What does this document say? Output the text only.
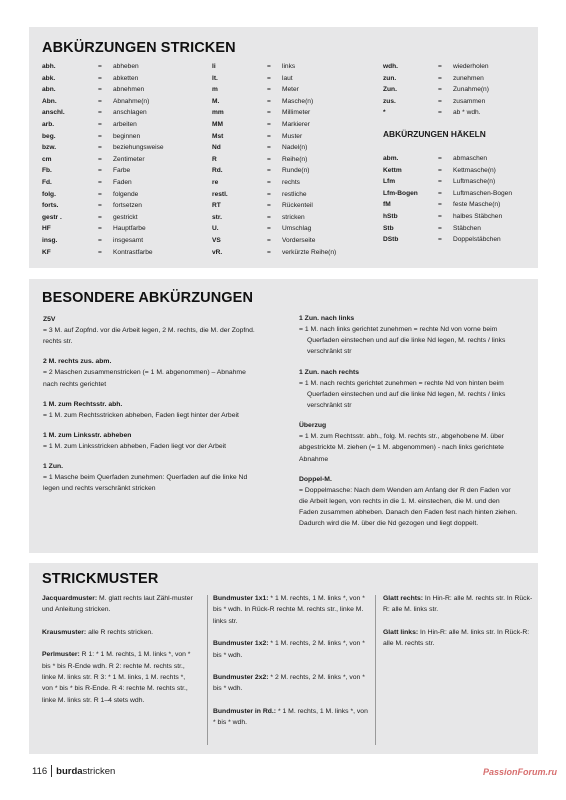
ABKÜRZUNGEN STRICKEN
abh.	=	abheben
abk.	=	abketten
abn.	=	abnehmen
Abn.	=	Abnahme(n)
anschl.	=	anschlagen
arb.	=	arbeiten
beg.	=	beginnen
bzw.	=	beziehungsweise
cm	=	Zentimeter
Fb.	=	Farbe
Fd.	=	Faden
folg.	=	folgende
forts.	=	fortsetzen
gestr .	=	gestrickt
HF	=	Hauptfarbe
insg.	=	insgesamt
KF	=	Kontrastfarbe
li	=	links
lt.	=	laut
m	=	Meter
M.	=	Masche(n)
mm	=	Millimeter
MM	=	Markierer
Mst	=	Muster
Nd	=	Nadel(n)
R	=	Reihe(n)
Rd.	=	Runde(n)
re	=	rechts
restl.	=	restliche
RT	=	Rückenteil
str.	=	stricken
U.	=	Umschlag
VS	=	Vorderseite
vR.	=	verkürzte Reihe(n)
wdh.	=	wiederholen
zun.	=	zunehmen
Zun.	=	Zunahme(n)
zus.	=	zusammen
*	=	ab * wdh.
ABKÜRZUNGEN HÄKELN
abm.	=	abmaschen
Kettm	=	Kettmasche(n)
Lfm	=	Luftmasche(n)
Lfm-Bogen	=	Luftmaschen-Bogen
fM	=	feste Masche(n)
hStb	=	halbes Stäbchen
Stb	=	Stäbchen
DStb	=	Doppelstäbchen
BESONDERE ABKÜRZUNGEN
Z5V
= 3 M. auf Zopfnd. vor die Arbeit legen, 2 M. rechts, die M. der Zopfnd.
rechts str.
2 M. rechts zus. abm.
= 2 Maschen zusammenstricken (= 1 M. abgenommen) – Abnahme
nach rechts gerichtet
1 M. zum Rechtsstr. abh.
= 1 M. zum Rechtsstricken abheben, Faden liegt hinter der Arbeit
1 M. zum Linksstr. abheben
= 1 M. zum Linksstricken abheben, Faden liegt vor der Arbeit
1 Zun.
= 1 Masche beim Querfaden zunehmen: Querfaden auf die linke Nd
legen und rechts verschränkt stricken
1 Zun. nach links
= 1 M. nach links gerichtet zunehmen = rechte Nd von vorne beim
Querfaden einstechen und auf die linke Nd legen, M. rechts / links
verschränkt str
1 Zun. nach rechts
= 1 M. nach rechts gerichtet zunehmen = rechte Nd von hinten beim
Querfaden einstechen und auf die linke Nd legen, M. rechts / links
verschränkt str
Überzug
= 1 M. zum Rechtsstr. abh., folg. M. rechts str., abgehobene M. über
abgestrickte M. ziehen (= 1 M. abgenommen) - nach links gerichtete
Abnahme
Doppel-M.
= Doppelmasche: Nach dem Wenden am Anfang der R den Faden vor
die Arbeit legen, von rechts in die 1. M. einstechen, die M. und den
Faden zusammen abheben. Danach den Faden fest nach hinten ziehen.
Dadurch wird die M. über die Nd gezogen und liegt doppelt.
STRICKMUSTER
Jacquardmuster: M. glatt rechts laut Zähl-muster und Anleitung stricken.
Krausmuster: alle R rechts stricken.
Perlmuster: R 1: * 1 M. rechts, 1 M. links *, von * bis * bis R-Ende wdh. R 2: rechte M. rechts str., linke M. links str. R 3: * 1 M. links, 1 M. rechts *, von * bis * bis R-Ende. R 4: rechte M. rechts str., linke M. links str. R 1–4 stets wdh.
Bundmuster 1x1: * 1 M. rechts, 1 M. links *, von * bis * wdh. In Rück-R rechte M. rechts str., linke M. links str.
Bundmuster 1x2: * 1 M. rechts, 2 M. links *, von * bis * wdh.
Bundmuster 2x2: * 2 M. rechts, 2 M. links *, von * bis * wdh.
Bundmuster in Rd.: * 1 M. rechts, 1 M. links *, von * bis * wdh.
Glatt rechts: In Hin-R: alle M. rechts str. In Rück-R: alle M. links str.
Glatt links: In Hin-R: alle M. links str. In Rück-R: alle M. rechts str.
116 burda stricken	PassionForum.ru
